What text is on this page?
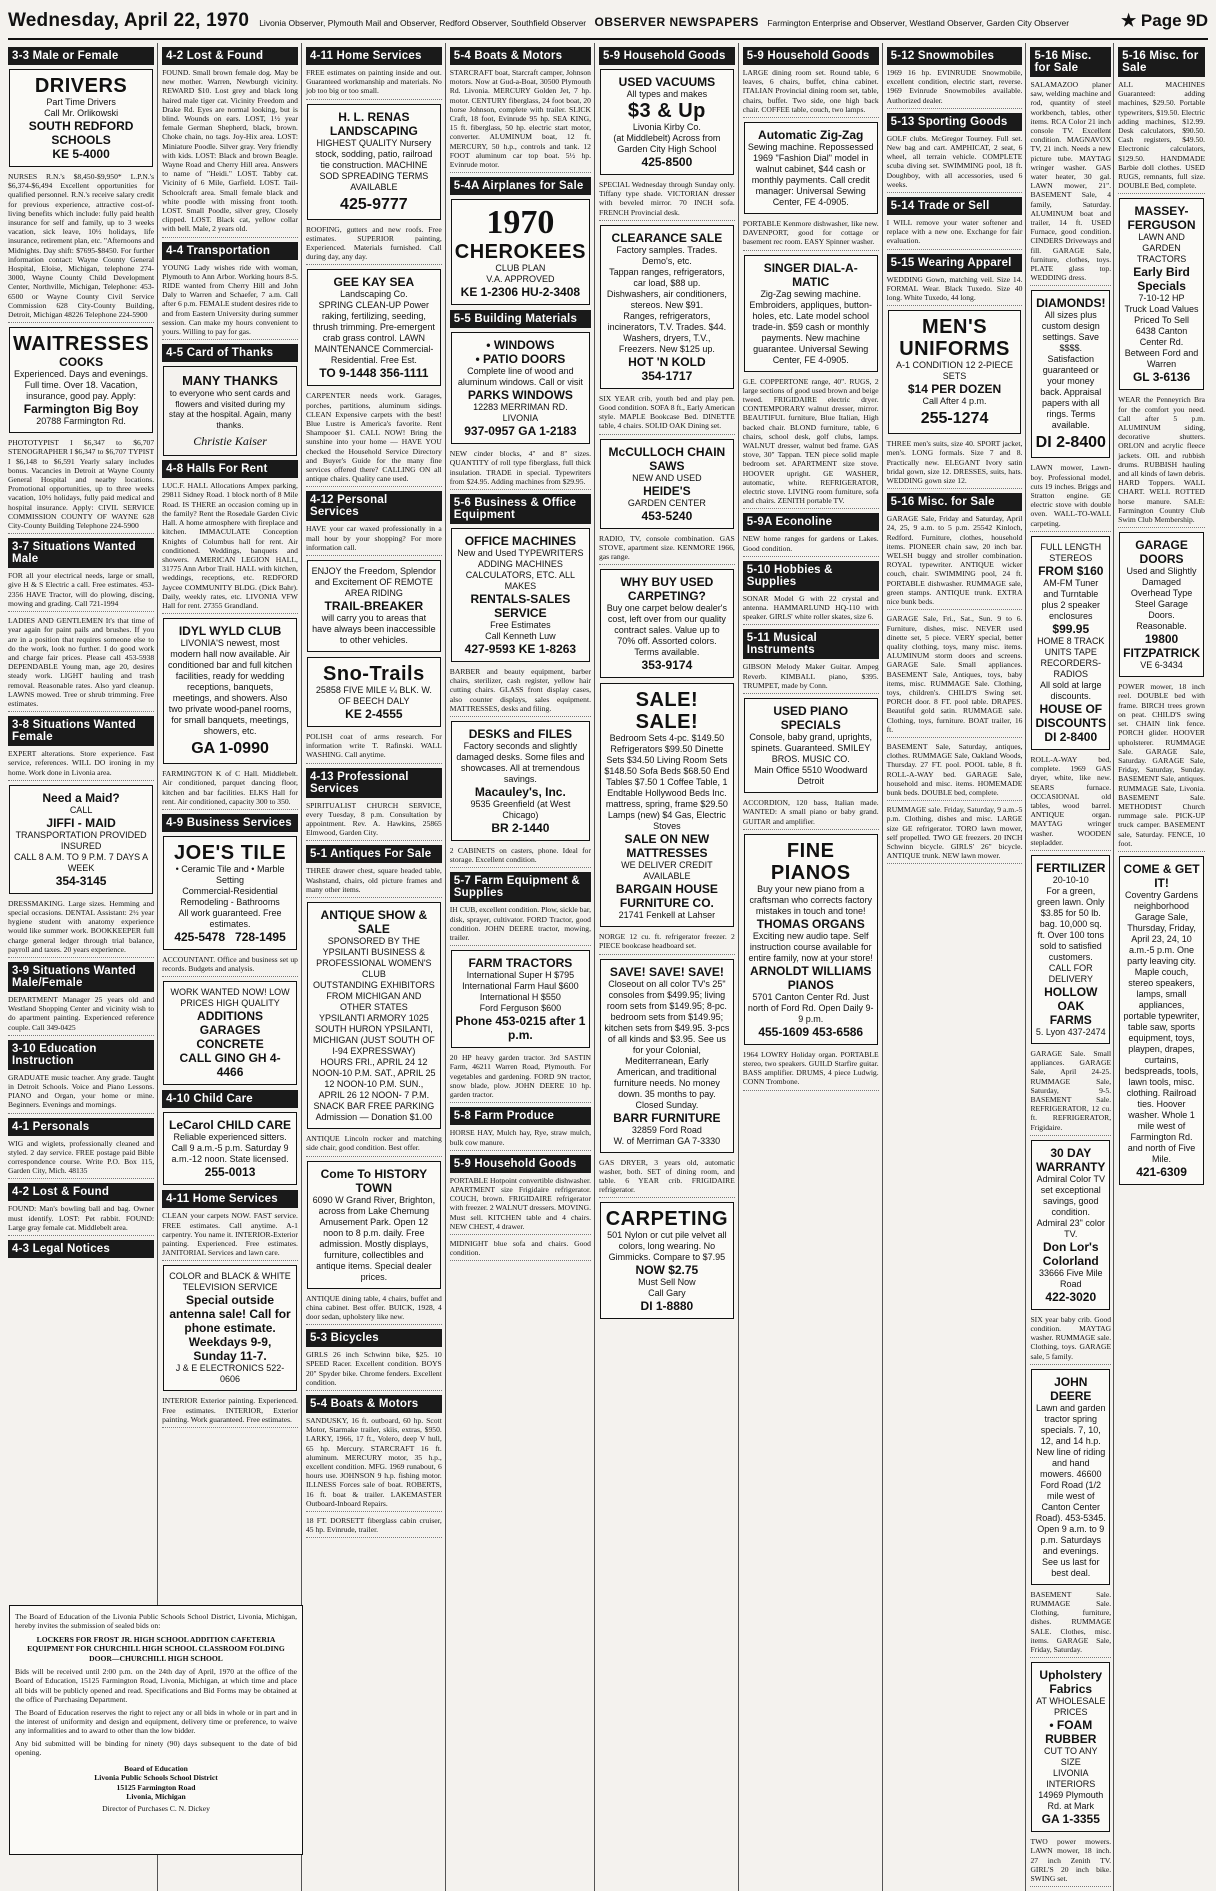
Wednesday, April 22, 1970	Livonia Observer, Plymouth Mail and Observer, Redford Observer, Southfield Observer OBSERVER NEWSPAPERS Farmington Enterprise and Observer, Westland Observer, Garden City Observer	★ Page 9D
3-3 Male or Female
DRIVERS
Part Time Drivers
Call Mr. Orlikowski
SOUTH REDFORD SCHOOLS
KE 5-4000

NURSES R.N.'s $8,450-$9,950* L.P.N.'s $6,374-$6,494 Excellent opportunities for qualified personnel. R.N.'s receive salary credit for previous experience, attractive cost-of-living benefits which include: fully paid health insurance for self and family, up to 3 weeks vacation, sick leave, 10½ holidays, life insurance, retirement plan, etc. "Afternoons and Midnights. Day shift: $7695-$8450. For further information contact: Wayne County General Hospital, Eloise, Michigan, telephone 274-3000, Wayne County Child Development Center, Northville, Michigan, Telephone: 453-6500 or Wayne County Civil Service Commission 628 City-County Building, Detroit, Michigan 48226 Telephone 224-5900

WAITRESSES
COOKS
Experienced. Days and evenings. Full time. Over 18. Vacation, insurance, good pay. Apply:
Farmington Big Boy
20788 Farmington Rd.

PHOTOTYPIST I $6,347 to $6,707 STENOGRAPHER I $6,347 to $6,707 TYPIST I $6,148 to $6,591 Yearly salary includes bonus. Vacancies in Detroit at Wayne County General Hospital and nearby locations. Promotional opportunities, up to three weeks vacation, 10½ holidays, fully paid medical and hospital insurance. Apply: CIVIL SERVICE COMMISSION COUNTY OF WAYNE 628 City-County Building Telephone 224-5900

3-7 Situations Wanted Male

FOR all your electrical needs, large or small, give H & S Electric a call. Free estimates. 453-2356 HAVE Tractor, will do plowing, discing, mowing and grading. Call 721-1994

LADIES AND GENTLEMEN It's that time of year again for paint pails and brushes. If you are in a position that requires someone else to do the work, look no further. I do good work and charge fair prices. Please call 453-5938 DEPENDABLE Young man, age 20, desires steady work. LIGHT hauling and trash removal. Reasonable rates. Also yard cleanup. LAWNS mowed. Tree or shrub trimming. Free estimates.

3-8 Situations Wanted Female

EXPERT alterations. Store experience. Fast service, references. WILL DO ironing in my home. Work done in Livonia area.

Need a Maid?
CALL
JIFFI - MAID
TRANSPORTATION PROVIDED INSURED
CALL 8 A.M. TO 9 P.M. 7 DAYS A WEEK
354-3145

DRESSMAKING. Large sizes. Hemming and special occasions. DENTAL Assistant: 2½ year hygiene student with anatomy experience would like summer work. BOOKKEEPER full charge general ledger through trial balance, payroll and taxes. 20 years experience.

3-9 Situations Wanted Male/Female

DEPARTMENT Manager 25 years old and Westland Shopping Center and vicinity wish to do apartment painting. Experienced reference couple. Call 349-0425

3-10 Education Instruction

GRADUATE music teacher. Any grade. Taught in Detroit Schools. Voice and Piano Lessons. PIANO and Organ, your home or mine. Beginners. Evenings and mornings.

4-1 Personals

WIG and wiglets, professionally cleaned and styled. 2 day service. FREE postage paid Bible correspondence course. Write P.O. Box 115, Garden City, Mich. 48135

4-2 Lost & Found

FOUND: Man's bowling ball and bag. Owner must identify. LOST: Pet rabbit. FOUND: Large gray female cat. Middlebelt area.

4-3 Legal Notices
4-2 Lost & Found

FOUND. Small brown female dog. May be new mother. Warren, Newburgh vicinity. REWARD $10. Lost grey and black long haired male tiger cat. Vicinity Freedom and Drake Rd. Eyes are normal looking, but is blind. Wounds on ears. LOST, 1½ year female German Shepherd, black, brown. Choke chain, no tags. Joy-Hix area. LOST: Miniature Poodle. Silver gray. Very friendly with kids. LOST: Black and brown Beagle. Wayne Road and Cherry Hill area. Answers to name of "Heidi." LOST. Tabby cat. Vicinity of 6 Mile, Garfield. LOST. Tail-Schoolcraft area. Small female black and white poodle with missing front tooth. LOST. Small Poodle, silver grey, Closely clipped. LOST. Black cat, yellow collar with bell. Male, 2 years old.

4-4 Transportation

YOUNG Lady wishes ride with woman, Plymouth to Ann Arbor. Working hours 8-5. RIDE wanted from Cherry Hill and John Daly to Warren and Schaefer, 7 a.m. Call after 6 p.m. FEMALE student desires ride to and from Eastern University during summer session. Can make my hours convenient to yours. Willing to pay for gas.

4-5 Card of Thanks
MANY THANKS
to everyone who sent cards and flowers and visited during my stay at the hospital. Again, many thanks.
Christie Kaiser
4-8 Halls For Rent

LUC.F. HALL Allocations Ampex parking, 29811 Sidney Road. 1 block north of 8 Mile Road. IS THERE an occasion coming up in the family? Rent the Rosedale Garden Civic Hall. A home atmosphere with fireplace and kitchen. IMMACULATE Conception Knights of Columbus hall for rent. Air conditioned. Weddings, banquets and showers. AMERICAN LEGION HALL, 31775 Ann Arbor Trail. HALL with kitchen, weddings, receptions, etc. REDFORD Jaycee COMMUNITY BLDG. (Dick Bahr). Daily, weekly rates, etc. LIVONIA VFW Hall for rent. 27355 Grandland.

IDYL WYLD CLUB
LIVONIA'S newest, most modern hall now available. Air conditioned bar and full kitchen facilities, ready for wedding receptions, banquets, meetings, and showers. Also two private wood-panel rooms, for small banquets, meetings, showers, etc.
GA 1-0990

FARMINGTON K of C Hall. Middlebelt. Air conditioned, parquet dancing floor, kitchen and bar facilities. ELKS Hall for rent. Air conditioned, capacity 300 to 350.

4-9 Business Services
JOE'S TILE
• Ceramic Tile and • Marble Setting
Commercial-Residential Remodeling - Bathrooms
All work guaranteed. Free estimates.
425-5478 728-1495

ACCOUNTANT. Office and business set up records. Budgets and analysis.

WORK WANTED NOW! LOW PRICES HIGH QUALITY
ADDITIONS GARAGES CONCRETE
CALL GINO GH 4-4466
4-10 Child Care
LeCarol CHILD CARE
Reliable experienced sitters. Call 9 a.m.-5 p.m. Saturday 9 a.m.-12 noon. State licensed.
255-0013
4-11 Home Services

CLEAN your carpets NOW. FAST service. FREE estimates. Call anytime. A-1 carpentry. You name it. INTERIOR-Exterior painting. Experienced. Free estimates. JANITORIAL Services and lawn care.

COLOR and BLACK & WHITE TELEVISION SERVICE
Special outside antenna sale! Call for phone estimate. Weekdays 9-9, Sunday 11-7.
J & E ELECTRONICS 522-0606

INTERIOR Exterior painting. Experienced. Free estimates. INTERIOR, Exterior painting. Work guaranteed. Free estimates.

4-11 Home Services

FREE estimates on painting inside and out. Guaranteed workmanship and materials. No job too big or too small.

H. L. RENAS LANDSCAPING
HIGHEST QUALITY Nursery stock, sodding, patio, railroad tie construction. MACHINE SOD SPREADING TERMS AVAILABLE
425-9777

ROOFING, gutters and new roofs. Free estimates. SUPERIOR painting, Experienced. Materials furnished. Call during day, any day.

GEE KAY SEA
Landscaping Co.
SPRING CLEAN-UP Power raking, fertilizing, seeding, thrush trimming. Pre-emergent crab grass control. LAWN MAINTENANCE Commercial-Residential. Free Est.
TO 9-1448 356-1111

CARPENTER needs work. Garages, porches, partitions, aluminum sidings. CLEAN Expensive carpets with the best! Blue Lustre is America's favorite. Rent Shampooer $1. CALL NOW! Bring the sunshine into your home — HAVE YOU checked the Household Service Directory and Buyer's Guide for the many fine services offered there? CALLING ON all antique chairs. Quality cane used.

4-12 Personal Services

HAVE your car waxed professionally in a mall hour by your shopping? For more information call.

ENJOY the Freedom, Splendor and Excitement OF REMOTE AREA RIDING
TRAIL-BREAKER
will carry you to areas that have always been inaccessible to other vehicles.
Sno-Trails
25858 FIVE MILE ¼ BLK. W. OF BEECH DALY
KE 2-4555

POLISH coat of arms research. For information write T. Rafinski. WALL WASHING. Call anytime.

4-13 Professional Services

SPIRITUALIST CHURCH SERVICE, every Tuesday, 8 p.m. Consultation by appointment. Rev. A. Hawkins, 25865 Elmwood, Garden City.

5-1 Antiques For Sale

THREE drawer chest, square headed table, Washstand, chairs, old picture frames and many other items.

ANTIQUE SHOW & SALE
SPONSORED BY THE YPSILANTI BUSINESS & PROFESSIONAL WOMEN'S CLUB
OUTSTANDING EXHIBITORS FROM MICHIGAN AND OTHER STATES
YPSILANTI ARMORY 1025 SOUTH HURON YPSILANTI, MICHIGAN (JUST SOUTH OF I-94 EXPRESSWAY)
HOURS FRI., APRIL 24 12 NOON-10 P.M. SAT., APRIL 25 12 NOON-10 P.M. SUN., APRIL 26 12 NOON- 7 P.M.
SNACK BAR FREE PARKING Admission — Donation $1.00

ANTIQUE Lincoln rocker and matching side chair, good condition. Best offer.

Come To HISTORY TOWN
6090 W Grand River, Brighton, across from Lake Chemung Amusement Park. Open 12 noon to 8 p.m. daily. Free admission. Mostly displays, furniture, collectibles and antique items. Special dealer prices.

ANTIQUE dining table, 4 chairs, buffet and china cabinet. Best offer. BUICK, 1928, 4 door sedan, upholstery like new.

5-3 Bicycles

GIRLS 26 inch Schwinn bike, $25. 10 SPEED Racer. Excellent condition. BOYS 20" Spyder bike. Chrome fenders. Excellent condition.

5-4 Boats & Motors

SANDUSKY, 16 ft. outboard, 60 hp. Scott Motor, Starmake trailer, skiis, extras, $950. LARKY, 1966, 17 ft., Volero, deep V hull, 65 hp. Mercury. STARCRAFT 16 ft. aluminum. MERCURY motor, 35 h.p., excellent condition. MFG. 1969 runabout, 6 hours use. JOHNSON 9 h.p. fishing motor. ILLNESS Forces sale of boat. ROBERTS, 16 ft. boat & trailer. LAKEMASTER Outboard-Inboard Repairs.

18 FT. DORSETT fiberglass cabin cruiser, 45 hp. Evinrude, trailer.

5-4 Boats & Motors

STARCRAFT boat, Starcraft camper, Johnson motors. Now at Gud-a-Boat, 30500 Plymouth Rd. Livonia. MERCURY Golden Jet, 7 hp. motor. CENTURY fiberglass, 24 foot boat, 20 horse Johnson, complete with trailer. SLICK Craft, 18 foot, Evinrude 95 hp. SEA KING, 15 ft. fiberglass, 50 hp. electric start motor, converter. ALUMINUM boat, 12 ft. MERCURY, 50 h.p., controls and tank. 12 FOOT aluminum car top boat. 5½ hp. Evinrude motor.

5-4A Airplanes for Sale
1970
CHEROKEES
CLUB PLAN
V.A. APPROVED
KE 1-2306 HU-2-3408
5-5 Building Materials
• WINDOWS
• PATIO DOORS
Complete line of wood and aluminum windows. Call or visit
PARKS WINDOWS
12283 MERRIMAN RD. LIVONIA
937-0957 GA 1-2183

NEW cinder blocks, 4" and 8" sizes. QUANTITY of roll type fiberglass, full thick insulation. TRADE in special. Typewriters from $24.95. Adding machines from $29.95.

5-6 Business & Office Equipment
OFFICE MACHINES
New and Used TYPEWRITERS ADDING MACHINES CALCULATORS, ETC. ALL MAKES
RENTALS-SALES SERVICE
Free Estimates
Call Kenneth Luw
427-9593 KE 1-8263

BARBER and beauty equipment, barber chairs, sterilizer, cash register, yellow hair cutting chairs. GLASS front display cases, also counter displays, sales equipment. MATTRESSES, desks and filing.

DESKS and FILES
Factory seconds and slightly damaged desks. Some files and showcases. All at tremendous savings.
Macauley's, Inc.
9535 Greenfield (at West Chicago)
BR 2-1440

2 CABINETS on casters, phone. Ideal for storage. Excellent condition.

5-7 Farm Equipment & Supplies

IH CUB, excellent condition. Plow, sickle bar, disk, sprayer, cultivator. FORD Tractor, good condition. JOHN DEERE tractor, mowing, trailer.

FARM TRACTORS
International Super H $795
International Farm Haul $600
International H $550
Ford Ferguson $600
Phone 453-0215 after 1 p.m.

20 HP heavy garden tractor. 3rd SASTIN Farm, 46211 Warren Road, Plymouth. For vegetables and gardening. FORD 9N tractor, snow blade, plow. JOHN DEERE 10 hp. garden tractor.

5-8 Farm Produce

HORSE HAY, Mulch hay, Rye, straw mulch, bulk cow manure.

5-9 Household Goods

PORTABLE Hotpoint convertible dishwasher. APARTMENT size Frigidaire refrigerator. COUCH, brown. FRIGIDAIRE refrigerator with freezer. 2 WALNUT dressers. MOVING. Must sell. KITCHEN table and 4 chairs. NEW CHEST, 4 drawer.

MIDNIGHT blue sofa and chairs. Good condition.

5-9 Household Goods
USED VACUUMS
All types and makes
$3 & Up
Livonia Kirby Co.
(at Middlebelt) Across from Garden City High School
425-8500

SPECIAL Wednesday through Sunday only. Tiffany type shade. VICTORIAN dresser with beveled mirror. 70 INCH sofa. FRENCH Provincial desk.

CLEARANCE SALE
Factory samples. Trades. Demo's, etc.
Tappan ranges, refrigerators, car load, $88 up.
Dishwashers, air conditioners, stereos. New $91.
Ranges, refrigerators, incinerators, T.V. Trades. $44.
Washers, dryers, T.V., Freezers. New $125 up.
HOT 'N KOLD
354-1717

SIX YEAR crib, youth bed and play pen. Good condition. SOFA 8 ft., Early American style. MAPLE Bookcase Bed. DINETTE table, 4 chairs. SOLID OAK Dining set.

McCULLOCH CHAIN SAWS
NEW AND USED
HEIDE'S
GARDEN CENTER
453-5240

RADIO, TV, console combination. GAS STOVE, apartment size. KENMORE 1966, gas range.

WHY BUY USED CARPETING?
Buy one carpet below dealer's cost, left over from our quality contract sales. Value up to 70% off. Assorted colors. Terms available.
353-9174
SALE! SALE!
Bedroom Sets 4-pc. $149.50 Refrigerators $99.50 Dinette Sets $34.50 Living Room Sets $148.50 Sofa Beds $68.50 End Tables $7.50 1 Coffee Table, 1 Endtable Hollywood Beds Inc. mattress, spring, frame $29.50 Lamps (new) $4 Gas, Electric Stoves
SALE ON NEW MATTRESSES
WE DELIVER CREDIT AVAILABLE
BARGAIN HOUSE FURNITURE CO.
21741 Fenkell at Lahser

NORGE 12 cu. ft. refrigerator freezer. 2 PIECE bookcase headboard set.

SAVE! SAVE! SAVE!
Closeout on all color TV's 25" consoles from $499.95; living room sets from $149.95; 8-pc. bedroom sets from $149.95; kitchen sets from $49.95. 3-pcs of all kinds and $3.95. See us for your Colonial, Mediterranean, Early American, and traditional furniture needs. No money down. 35 months to pay. Closed Sunday.
BARR FURNITURE
32859 Ford Road
W. of Merriman GA 7-3330

GAS DRYER, 3 years old, automatic washer, both. SET of dining room, and table. 6 YEAR crib. FRIGIDAIRE refrigerator.

CARPETING
501 Nylon or cut pile velvet all colors, long wearing. No Gimmicks. Compare to $7.95
NOW $2.75
Must Sell Now
Call Gary
DI 1-8880
5-9 Household Goods

LARGE dining room set. Round table, 6 leaves, 6 chairs, buffet, china cabinet. ITALIAN Provincial dining room set, table, chairs, buffet. Two side, one high back chair. COFFEE table, couch, two lamps.

Automatic Zig-Zag
Sewing machine. Repossessed 1969 "Fashion Dial" model in walnut cabinet, $44 cash or monthly payments. Call credit manager: Universal Sewing Center, FE 4-0905.

PORTABLE Kenmore dishwasher, like new. DAVENPORT, good for cottage or basement rec room. EASY Spinner washer.

SINGER DIAL-A-MATIC
Zig-Zag sewing machine. Embroiders, appliques, button-holes, etc. Late model school trade-in. $59 cash or monthly payments. New machine guarantee. Universal Sewing Center, FE 4-0905.

G.E. COPPERTONE range, 40". RUGS, 2 large sections of good used brown and beige tweed. FRIGIDAIRE electric dryer. CONTEMPORARY walnut dresser, mirror. BEAUTIFUL furniture, Blue Italian, High backed chair. BLOND furniture, table, 6 chairs, school desk, golf clubs, lamps. WALNUT dresser, walnut bed frame. GAS stove, 30" Tappan. TEN piece solid maple bedroom set. APARTMENT size stove. HOOVER upright. GE WASHER, automatic, white. REFRIGERATOR, electric stove. LIVING room furniture, sofa and chairs. ZENITH portable TV.

5-9A Econoline

NEW home ranges for gardens or Lakes. Good condition.

5-10 Hobbies & Supplies

SONAR Model G with 22 crystal and antenna. HAMMARLUND HQ-110 with speaker. GIRLS' white roller skates, size 6.

5-11 Musical Instruments

GIBSON Melody Maker Guitar. Ampeg Reverb. KIMBALL piano, $395. TRUMPET, made by Conn.

USED PIANO SPECIALS
Console, baby grand, uprights, spinets. Guaranteed. SMILEY BROS. MUSIC CO.
Main Office 5510 Woodward Detroit

ACCORDION, 120 bass, Italian made. WANTED: A small piano or baby grand. GUITAR and amplifier.

FINE PIANOS
Buy your new piano from a craftsman who corrects factory mistakes in touch and tone!
THOMAS ORGANS
Exciting new audio tape. Self instruction course available for entire family, now at your store!
ARNOLDT WILLIAMS PIANOS
5701 Canton Center Rd. Just north of Ford Rd. Open Daily 9-9 p.m.
455-1609 453-6586

1964 LOWRY Holiday organ. PORTABLE stereo, two speakers. GUILD Starfire guitar. BASS amplifier. DRUMS, 4 piece Ludwig. CONN Trombone.

5-12 Snowmobiles

1969 16 hp. EVINRUDE Snowmobile, excellent condition, electric start, reverse. 1969 Evinrude Snowmobiles available. Authorized dealer.

5-13 Sporting Goods

GOLF clubs. McGregor Tourney. Full set. New bag and cart. AMPHICAT, 2 seat, 6 wheel, all terrain vehicle. COMPLETE scuba diving set. SWIMMING pool, 18 ft. Doughboy, with all accessories, used 6 weeks.

5-14 Trade or Sell

I WILL remove your water softener and replace with a new one. Exchange for fair evaluation.

5-15 Wearing Apparel

WEDDING Gown, matching veil. Size 14. FORMAL Wear. Black Tuxedo. Size 40 long. White Tuxedo, 44 long.

MEN'S UNIFORMS
A-1 CONDITION 12 2-PIECE SETS
$14 PER DOZEN
Call After 4 p.m.
255-1274

THREE men's suits, size 40. SPORT jacket, men's. LONG formals. Size 7 and 8. Practically new. ELEGANT Ivory satin bridal gown, size 12. DRESSES, suits, hats. WEDDING gown size 12.

5-16 Misc. for Sale

GARAGE Sale, Friday and Saturday, April 24, 25, 9 a.m. to 5 p.m. 25542 Kinloch, Redford. Furniture, clothes, household items. PIONEER chain saw, 20 inch bar. WELSH buggy and stroller combination. ROYAL typewriter. ANTIQUE wicker couch, chair. SWIMMING pool, 24 ft. PORTABLE dishwasher. RUMMAGE sale, green stamps. ANTIQUE trunk. EXTRA nice bunk beds.

GARAGE Sale, Fri., Sat., Sun. 9 to 6. Furniture, dishes, misc. NEVER used dinette set, 5 piece. VERY special, better quality clothing, toys, many misc. items. ALUMINUM storm doors and screens. GARAGE Sale. Small appliances. BASEMENT Sale, Antiques, toys, baby items, misc. RUMMAGE Sale. Clothing, toys, children's. CHILD'S Swing set. PORCH door. 8 FT. pool table. DRAPES. Beautiful gold satin. RUMMAGE sale. Clothing, toys, furniture. BOAT trailer, 16 ft.

BASEMENT Sale, Saturday, antiques, clothes. RUMMAGE Sale, Oakland Woods, Thursday. 27 FT. pool. POOL table, 8 ft. ROLL-A-WAY bed. GARAGE Sale, household and misc. items. HOMEMADE bunk beds. DOUBLE bed, complete.

RUMMAGE sale. Friday, Saturday, 9 a.m.-5 p.m. Clothing, dishes and misc. LARGE size GE refrigerator. TORO lawn mower, self propelled. TWO GE freezers. 20 INCH Schwinn bicycle. GIRLS' 26" bicycle. ANTIQUE trunk. NEW lawn mower.

5-16 Misc. for Sale

SALAMAZOO planer saw, welding machine and rod, quantity of steel workbench, tables, other items. RCA Color 21 inch console TV. Excellent condition. MAGNAVOX TV, 21 inch. Needs a new picture tube. MAYTAG wringer washer. GAS water heater, 30 gal. LAWN mower, 21". BASEMENT Sale, 4 family, Saturday. ALUMINUM boat and trailer, 14 ft. USED Furnace, good condition. CINDERS Driveways and fill. GARAGE Sale, furniture, clothes, toys. PLATE glass top. WEDDING dress.

DIAMONDS!
All sizes plus custom design settings. Save $$$$. Satisfaction guaranteed or your money back. Appraisal papers with all rings. Terms available.
DI 2-8400

LAWN mower, Lawn-boy. Professional model, cuts 19 inches. Briggs and Stratton engine. GE electric stove with double oven. WALL-TO-WALL carpeting.

FULL LENGTH STEREOS
FROM $160
AM-FM Tuner and Turntable plus 2 speaker enclosures
$99.95
HOME 8 TRACK UNITS TAPE RECORDERS-RADIOS
All sold at large discounts.
HOUSE OF DISCOUNTS
DI 2-8400

ROLL-A-WAY bed, complete. 1969 GAS dryer, white, like new. SEARS furnace. OCCASIONAL old tables, wood barrel. ANTIQUE organ. MAYTAG wringer washer. WOODEN stepladder.

FERTILIZER
20-10-10
For a green, green lawn. Only $3.85 for 50 lb. bag. 10,000 sq. ft. Over 100 tons sold to satisfied customers.
CALL FOR DELIVERY
HOLLOW OAK FARMS
5. Lyon 437-2474

GARAGE Sale. Small appliances. GARAGE Sale, April 24-25. RUMMAGE Sale, Saturday, 9-5. BASEMENT Sale. REFRIGERATOR, 12 cu. ft. REFRIGERATOR, Frigidaire.

30 DAY WARRANTY
Admiral Color TV set exceptional savings, good condition. Admiral 23" color TV.
Don Lor's Colorland
33666 Five Mile Road
422-3020

SIX year baby crib. Good condition. MAYTAG washer. RUMMAGE sale. Clothing, toys. GARAGE sale, 5 family.

JOHN DEERE
Lawn and garden tractor spring specials. 7, 10, 12, and 14 h.p. New line of riding and hand mowers. 46600 Ford Road (1/2 mile west of Canton Center Road). 453-5345. Open 9 a.m. to 9 p.m. Saturdays and evenings. See us last for best deal.

BASEMENT Sale. RUMMAGE Sale. Clothing, furniture, dishes. RUMMAGE SALE. Clothes, misc. items. GARAGE Sale, Friday, Saturday.

Upholstery Fabrics
AT WHOLESALE PRICES
• FOAM RUBBER
CUT TO ANY SIZE
LIVONIA INTERIORS
14969 Plymouth Rd. at Mark
GA 1-3355

TWO power mowers. LAWN mower, 18 inch. 27 inch Zenith TV. GIRL'S 20 inch bike. SWING set.

5-16 Misc. for Sale

ALL MACHINES Guaranteed: adding machines, $29.50. Portable typewriters, $19.50. Electric adding machines, $12.99. Desk calculators, $90.50. Cash registers, $49.50. Electronic calculators, $129.50. HANDMADE Barbie doll clothes. USED RUGS, remnants, full size. DOUBLE Bed, complete.

MASSEY-FERGUSON
LAWN AND GARDEN TRACTORS
Early Bird Specials
7-10-12 HP
Truck Load Values
Priced To Sell
6438 Canton Center Rd. Between Ford and Warren
GL 3-6136

WEAR the Penneyrich Bra for the comfort you need. Call after 5 p.m. ALUMINUM siding, decorative shutters. ORLON and acrylic fleece jackets. OIL and rubbish drums. RUBBISH hauling and all kinds of lawn debris. HARD Toppers. WALL CHART. WELL ROTTED horse manure. SALE: Farmington Country Club Swim Club Membership.

GARAGE DOORS
Used and Slightly Damaged Overhead Type Steel Garage Doors. Reasonable.
19800 FITZPATRICK
VE 6-3434

POWER mower, 18 inch reel. DOUBLE bed with frame. BIRCH trees grown on peat. CHILD'S swing set. CHAIN link fence. PORCH glider. HOOVER upholsterer. RUMMAGE Sale. GARAGE Sale, Saturday. GARAGE Sale, Friday, Saturday, Sunday. BASEMENT Sale, antiques. RUMMAGE Sale, Livonia. BASEMENT Sale. METHODIST Church rummage sale. PICK-UP truck camper. BASEMENT sale, Saturday. FENCE, 10 foot.

COME & GET IT!
Coventry Gardens neighborhood Garage Sale, Thursday, Friday, April 23, 24, 10 a.m.-5 p.m. One party leaving city. Maple couch, stereo speakers, lamps, small appliances, portable typewriter, table saw, sports equipment, toys, playpen, drapes, curtains, bedspreads, tools, lawn tools, misc. clothing. Railroad ties. Hoover washer. Whole 1 mile west of Farmington Rd. and north of Five Mile.
421-6309
The Board of Education of the Livonia Public Schools School District, Livonia, Michigan, hereby invites the submission of sealed bids on:
LOCKERS FOR FROST JR. HIGH SCHOOL ADDITION CAFETERIA EQUIPMENT FOR CHURCHILL HIGH SCHOOL CLASSROOM FOLDING DOOR—CHURCHILL HIGH SCHOOL
Bids will be received until 2:00 p.m. on the 24th day of April, 1970 at the office of the Board of Education, 15125 Farmington Road, Livonia, Michigan, at which time and place all bids will be publicly opened and read. Specifications and Bid Forms may be obtained at the office of Purchasing Department.
The Board of Education reserves the right to reject any or all bids in whole or in part and in the interest of uniformity and design and equipment, delivery time or preference, to waive any informalities and to award to other than the low bidder.
Any bid submitted will be binding for ninety (90) days subsequent to the date of bid opening.
Board of Education
Livonia Public Schools School District
15125 Farmington Road
Livonia, Michigan
Director of Purchases C. N. Dickey
